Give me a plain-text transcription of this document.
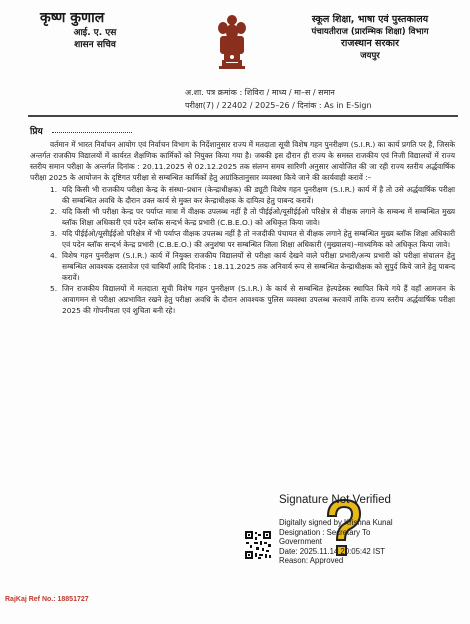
कृष्ण कुणाल
आई. ए. एस
शासन सचिव
स्कूल शिक्षा, भाषा एवं पुस्तकालय
पंचायतीराज (प्रारम्भिक शिक्षा) विभाग
राजस्थान सरकार
जयपुर
अ.शा. पत्र क्रमांक : शिविरा / माध्य / मा–स / समान
परीक्षा(7) / 22402 / 2025–26 / दिनांक : As in E-Sign
प्रिय

वर्तमान में भारत निर्वाचन आयोग एवं निर्वाचन विभाग के निर्देशानुसार राज्य में मतदाता सूची विशेष गहन पुनरीक्षण (S.I.R.) का कार्य प्रगति पर है, जिसके अन्तर्गत राजकीय विद्यालयों में कार्यरत शैक्षणिक कार्मिकों को नियुक्त किया गया है। जबकी इस दौरान ही राज्य के समस्त राजकीय एवं निजी विद्यालयों में राज्य स्तरीय समान परीक्षा के अन्तर्गत दिनांक : 20.11.2025 से 02.12.2025 तक संलग्न समय सारिणी अनुसार आयोजित की जा रही राज्य स्तरीय अर्द्धवार्षिक परीक्षा 2025 के आयोजन के दृष्टिगत परीक्षा से सम्बन्धित कार्मिकों हेतु अग्रांकितानुसार व्यवस्था किये जाने की कार्यवाही करावें :–

1. यदि किसी भी राजकीय परीक्षा केन्द्र के संस्था–प्रधान (केन्द्राधीक्षक) की ड्यूटी विशेष गहन पुनरीक्षण (S.I.R.) कार्य में है तो उसे अर्द्धवार्षिक परीक्षा की सम्बन्धित अवधि के दौरान उक्त कार्य से मुक्त कर केन्द्राधीक्षक के दायित्व हेतु पाबन्द करावें।
2. यदि किसी भी परीक्षा केन्द्र पर पर्याप्त मात्रा में वीक्षक उपलब्ध नहीं है तो पीईईओ/यूसीईईओ परिक्षेत्र से वीक्षक लगाने के सम्बन्ध में सम्बन्धित मुख्य ब्लॉक शिक्षा अधिकारी एवं पदेन ब्लॉक सन्दर्भ केन्द्र प्रभारी (C.B.E.O.) को अधिकृत किया जावे।
3. यदि पीईईओ/यूसीईईओ परिक्षेत्र में भी पर्याप्त वीक्षक उपलब्ध नहीं है तो नजदीकी पंचायत से वीक्षक लगाने हेतु सम्बन्धित मुख्य ब्लॉक शिक्षा अधिकारी एवं पदेन ब्लॉक सन्दर्भ केन्द्र प्रभारी (C.B.E.O.) की अनुशंषा पर सम्बन्धित जिला शिक्षा अधिकारी (मुख्यालय)–माध्यमिक को अधिकृत किया जावे।
4. विशेष गहन पुनरीक्षण (S.I.R.) कार्य में नियुक्त राजकीय विद्यालयों से परीक्षा कार्य देखने वाले परीक्षा प्रभारी/अन्य प्रभारी को परीक्षा संचालन हेतु सम्बन्धित आवश्यक दस्तावेज एवं चाबियाँ आदि दिनांक : 18.11.2025 तक अनिवार्य रूप से सम्बन्धित केन्द्राधीक्षक को सुपुर्द किये जाने हेतु पाबन्द करावें।
5. जिन राजकीय विद्यालयों में मतदाता सूची विशेष गहन पुनरीक्षण (S.I.R.) के कार्य से सम्बन्धित हेल्पडेस्क स्थापित किये गये हैं वहाँ आमजन के आवागमन से परीक्षा अप्रभावित रखने हेतु परीक्षा अवधि के दौरान आवश्यक पुलिस व्यवस्था उपलब्ध करवायें ताकि राज्य स्तरीय अर्द्धवार्षिक परीक्षा 2025 की गोपनीयता एवं शुचिता बनी रहे।
Signature Not Verified
Digitally signed by Krishna Kunal
Designation : Secretary To
Government
Date: 2025.11.14 20:05:42 IST
Reason: Approved
RajKaj Ref No.: 18851727
